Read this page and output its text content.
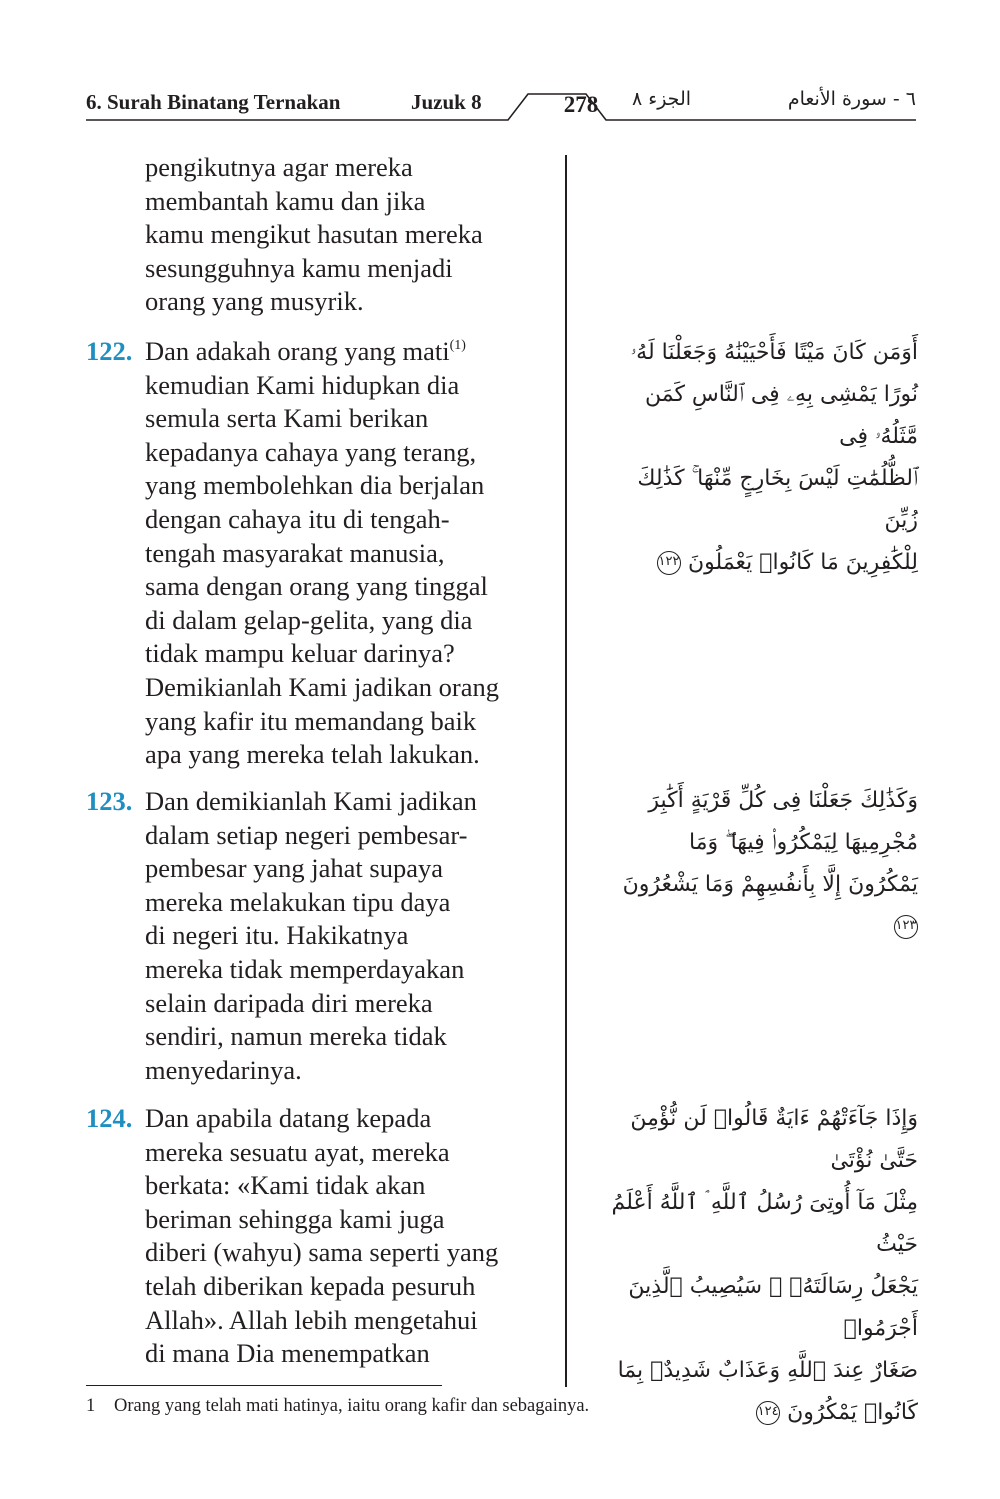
6. Surah Binatang Ternakan	Juzuk 8	278	الجزء ٨	٦ - سورة الأنعام

pengikutnya agar mereka
membantah kamu dan jika
kamu mengikut hasutan mereka
sesungguhnya kamu menjadi
orang yang musyrik.

122. Dan adakah orang yang mati$^{(1)}$
kemudian Kami hidupkan dia
semula serta Kami berikan
kepadanya cahaya yang terang,
yang membolehkan dia berjalan
dengan cahaya itu di tengah-
tengah masyarakat manusia,
sama dengan orang yang tinggal
di dalam gelap-gelita, yang dia
tidak mampu keluar darinya?
Demikianlah Kami jadikan orang
yang kafir itu memandang baik
apa yang mereka telah lakukan.

أَوَمَن كَانَ مَيْتًا فَأَحْيَيْنَٰهُ وَجَعَلْنَا لَهُۥ
نُورًا يَمْشِى بِهِۦ فِى ٱلنَّاسِ كَمَن مَّثَلُهُۥ فِى
ٱلظُّلُمَٰتِ لَيْسَ بِخَارِجٍ مِّنْهَا ۚ كَذَٰلِكَ زُيِّنَ
لِلْكَٰفِرِينَ مَا كَانُوا۟ يَعْمَلُونَ ١٢٢
123. Dan demikianlah Kami jadikan
dalam setiap negeri pembesar-
pembesar yang jahat supaya
mereka melakukan tipu daya
di negeri itu. Hakikatnya
mereka tidak memperdayakan
selain daripada diri mereka
sendiri, namun mereka tidak
menyedarinya.

وَكَذَٰلِكَ جَعَلْنَا فِى كُلِّ قَرْيَةٍ أَكَٰبِرَ
مُجْرِمِيهَا لِيَمْكُرُوا۟ فِيهَا ۖ وَمَا
يَمْكُرُونَ إِلَّا بِأَنفُسِهِمْ وَمَا يَشْعُرُونَ ١٢٣
124. Dan apabila datang kepada
mereka sesuatu ayat, mereka
berkata: «Kami tidak akan
beriman sehingga kami juga
diberi (wahyu) sama seperti yang
telah diberikan kepada pesuruh
Allah». Allah lebih mengetahui
di mana Dia menempatkan

وَإِذَا جَآءَتْهُمْ ءَايَةٌ قَالُوا۟ لَن نُّؤْمِنَ حَتَّىٰ نُؤْتَىٰ
مِثْلَ مَآ أُوتِىَ رُسُلُ ٱللَّهِ ۘ ٱللَّهُ أَعْلَمُ حَيْثُ
يَجْعَلُ رِسَالَتَهُۥ ۗ سَيُصِيبُ ٱلَّذِينَ أَجْرَمُوا۟
صَغَارٌ عِندَ ٱللَّهِ وَعَذَابٌ شَدِيدٌۢ بِمَا
كَانُوا۟ يَمْكُرُونَ ١٢٤
1 Orang yang telah mati hatinya, iaitu orang kafir dan sebagainya.
